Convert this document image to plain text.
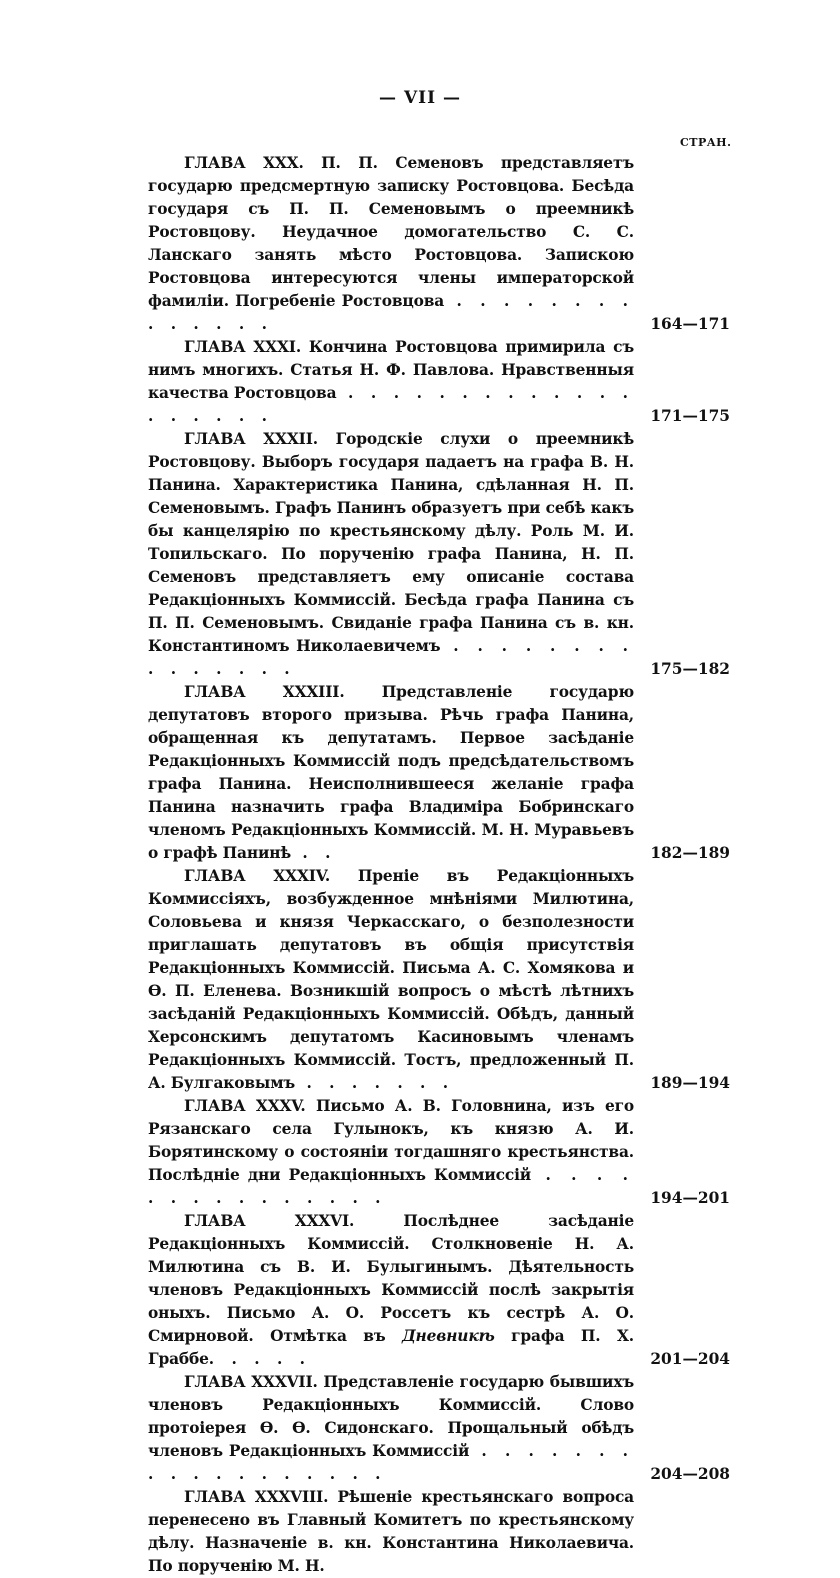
— VII —
СТРАН.
ГЛАВА XXX. П. П. Семеновъ представляетъ государю предсмертную записку Ростовцова. Бесѣда государя съ П. П. Семеновымъ о преемникѣ Ростовцову. Неудачное домогательство С. С. Ланскаго занять мѣсто Ростовцова. Запискою Ростовцова интересуются члены императорской фамиліи. Погребеніе Ростовцова . . . . . . . . . . . . . .	164—171
ГЛАВА XXXI. Кончина Ростовцова примирила съ нимъ многихъ. Статья Н. Ф. Павлова. Нравственныя качества Ростовцова . . . . . . . . . . . . . . . . . . .	171—175
ГЛАВА XXXII. Городскіе слухи о преемникѣ Ростовцову. Выборъ государя падаетъ на графа В. Н. Панина. Характеристика Панина, сдѣланная Н. П. Семеновымъ. Графъ Панинъ образуетъ при себѣ какъ бы канцелярію по крестьянскому дѣлу. Роль М. И. Топильскаго. По порученію графа Панина, Н. П. Семеновъ представляетъ ему описаніе состава Редакціонныхъ Коммиссій. Бесѣда графа Панина съ П. П. Семеновымъ. Свиданіе графа Панина съ в. кн. Константиномъ Николаевичемъ . . . . . . . . . . . . . . .	175—182
ГЛАВА XXXIII. Представленіе государю депутатовъ второго призыва. Рѣчь графа Панина, обращенная къ депутатамъ. Первое засѣданіе Редакціонныхъ Коммиссій подъ предсѣдательствомъ графа Панина. Неисполнившееся желаніе графа Панина назначить графа Владиміра Бобринскаго членомъ Редакціонныхъ Коммиссій. М. Н. Муравьевъ о графѣ Панинѣ . .	182—189
ГЛАВА XXXIV. Преніе въ Редакціонныхъ Коммиссіяхъ, возбужденное мнѣніями Милютина, Соловьева и князя Черкасскаго, о безполезности приглашать депутатовъ въ общія присутствія Редакціонныхъ Коммиссій. Письма А. С. Хомякова и Ѳ. П. Еленева. Возникшій вопросъ о мѣстѣ лѣтнихъ засѣданій Редакціонныхъ Коммиссій. Обѣдъ, данный Херсонскимъ депутатомъ Касиновымъ членамъ Редакціонныхъ Коммиссій. Тостъ, предложенный П. А. Булгаковымъ . . . . . . .	189—194
ГЛАВА XXXV. Письмо А. В. Головнина, изъ его Рязанскаго села Гулынокъ, къ князю А. И. Борятинскому о состояніи тогдашняго крестьянства. Послѣдніе дни Редакціонныхъ Коммиссій . . . . . . . . . . . . . . .	194—201
ГЛАВА XXXVI. Послѣднее засѣданіе Редакціонныхъ Коммиссій. Столкновеніе Н. А. Милютина съ В. И. Булыгинымъ. Дѣятельность членовъ Редакціонныхъ Коммиссій послѣ закрытія оныхъ. Письмо А. О. Россетъ къ сестрѣ А. О. Смирновой. Отмѣтка въ Дневникѣ графа П. Х. Граббе. . . . .	201—204
ГЛАВА XXXVII. Представленіе государю бывшихъ членовъ Редакціонныхъ Коммиссій. Слово протоіерея Ѳ. Ѳ. Сидонскаго. Прощальный обѣдъ членовъ Редакціонныхъ Коммиссій . . . . . . . . . . . . . . . . . .	204—208
ГЛАВА XXXVIII. Рѣшеніе крестьянскаго вопроса перенесено въ Главный Комитетъ по крестьянскому дѣлу. Назначеніе в. кн. Константина Николаевича. По порученію М. Н.
